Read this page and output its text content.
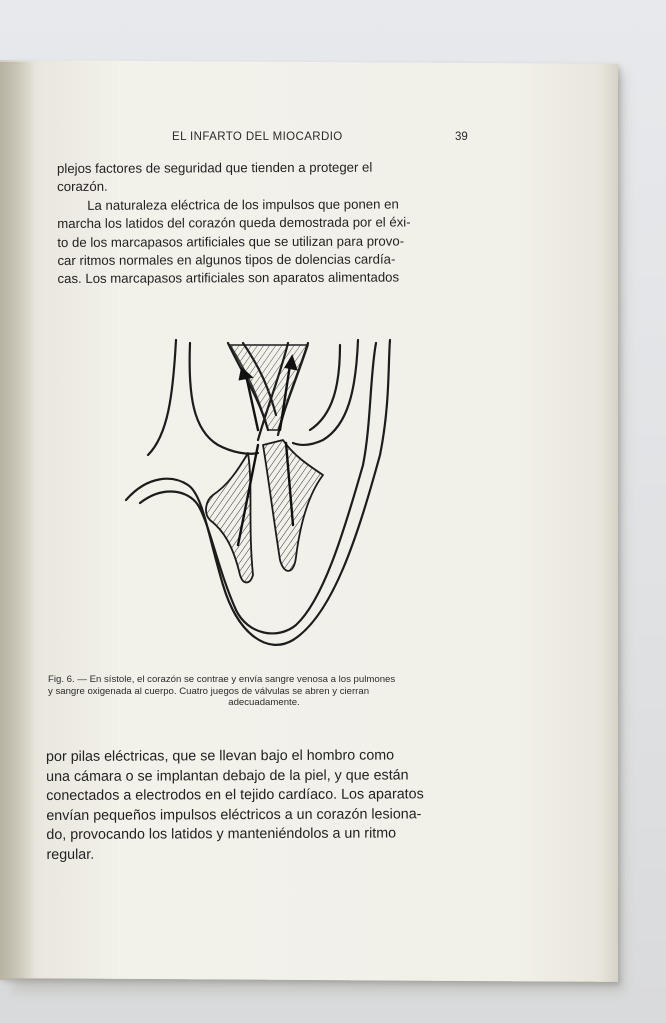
EL INFARTO DEL MIOCARDIO	39
plejos factores de seguridad que tienden a proteger el
corazón.
La naturaleza eléctrica de los impulsos que ponen en
marcha los latidos del corazón queda demostrada por el éxi-
to de los marcapasos artificiales que se utilizan para provo-
car ritmos normales en algunos tipos de dolencias cardía-
cas. Los marcapasos artificiales son aparatos alimentados
Fig. 6. — En sístole, el corazón se contrae y envía sangre venosa a los pulmones
y sangre oxigenada al cuerpo. Cuatro juegos de válvulas se abren y cierran
adecuadamente.
por pilas eléctricas, que se llevan bajo el hombro como
una cámara o se implantan debajo de la piel, y que están
conectados a electrodos en el tejido cardíaco. Los aparatos
envían pequeños impulsos eléctricos a un corazón lesiona-
do, provocando los latidos y manteniéndolos a un ritmo
regular.
